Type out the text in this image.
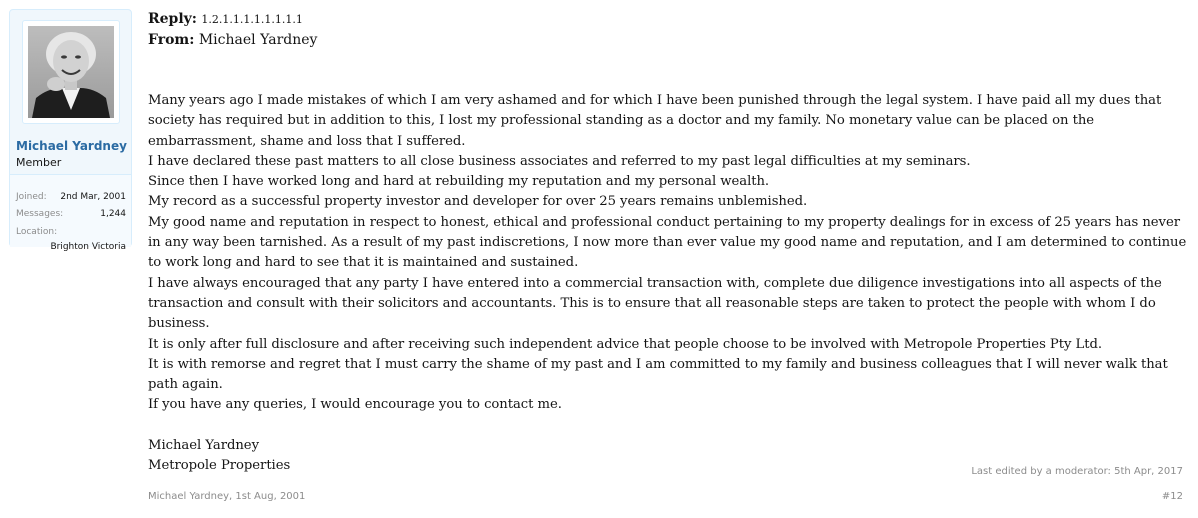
Michael Yardney
Member
Joined: 2nd Mar, 2001
Messages:	1,244
Location:
Brighton Victoria
Reply: 1.2.1.1.1.1.1.1.1.1
From: Michael Yardney

Many years ago I made mistakes of which I am very ashamed and for which I have been punished through the legal system. I have paid all my dues that society has required but in addition to this, I lost my professional standing as a doctor and my family. No monetary value can be placed on the embarrassment, shame and loss that I suffered.

I have declared these past matters to all close business associates and referred to my past legal difficulties at my seminars.

Since then I have worked long and hard at rebuilding my reputation and my personal wealth.

My record as a successful property investor and developer for over 25 years remains unblemished.

My good name and reputation in respect to honest, ethical and professional conduct pertaining to my property dealings for in excess of 25 years has never in any way been tarnished. As a result of my past indiscretions, I now more than ever value my good name and reputation, and I am determined to continue to work long and hard to see that it is maintained and sustained.

I have always encouraged that any party I have entered into a commercial transaction with, complete due diligence investigations into all aspects of the transaction and consult with their solicitors and accountants. This is to ensure that all reasonable steps are taken to protect the people with whom I do business.

It is only after full disclosure and after receiving such independent advice that people choose to be involved with Metropole Properties Pty Ltd.

It is with remorse and regret that I must carry the shame of my past and I am committed to my family and business colleagues that I will never walk that path again.

If you have any queries, I would encourage you to contact me.

Michael Yardney

Metropole Properties	Last edited by a moderator: 5th Apr, 2017
Michael Yardney, 1st Aug, 2001	#12
